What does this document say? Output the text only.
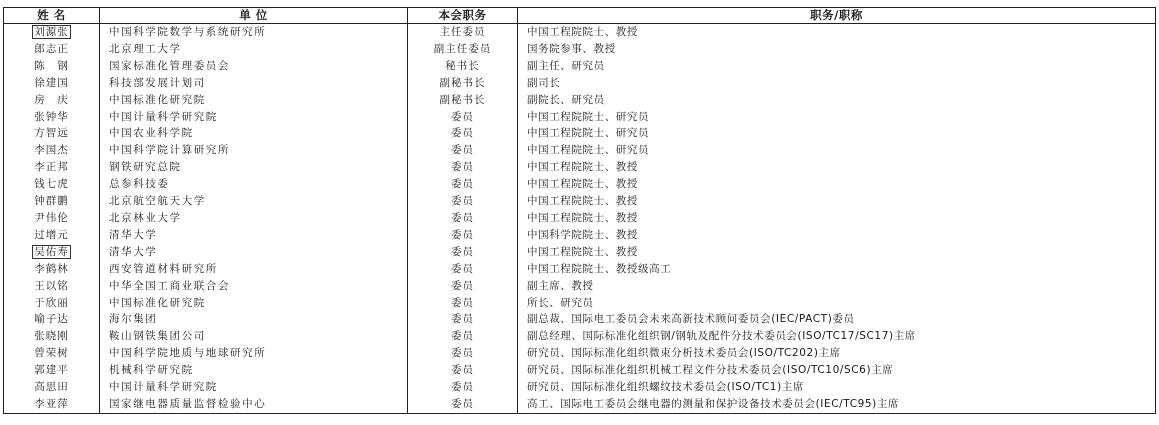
姓 名	单 位	本会职务	职务/职称
刘源张	中国科学院数学与系统研究所	主任委员	中国工程院院士、教授
郎志正	北京理工大学	副主任委员	国务院参事、教授
陈　钢	国家标准化管理委员会	秘书长	副主任、研究员
徐建国	科技部发展计划司	副秘书长	副司长
房　庆	中国标准化研究院	副秘书长	副院长、研究员
张钟华	中国计量科学研究院	委员	中国工程院院士、研究员
方智远	中国农业科学院	委员	中国工程院院士、研究员
李国杰	中国科学院计算研究所	委员	中国工程院院士、研究员
李正邦	钢铁研究总院	委员	中国工程院院士、教授
钱七虎	总参科技委	委员	中国工程院院士、教授
钟群鹏	北京航空航天大学	委员	中国工程院院士、教授
尹伟伦	北京林业大学	委员	中国工程院院士、教授
过增元	清华大学	委员	中国科学院院士、教授
吴佑寿	清华大学	委员	中国工程院院士、教授
李鹤林	西安管道材料研究所	委员	中国工程院院士、教授级高工
王以铭	中华全国工商业联合会	委员	副主席、教授
于欣丽	中国标准化研究院	委员	所长、研究员
喻子达	海尔集团	委员	副总裁、国际电工委员会未来高新技术顾问委员会(IEC/PACT)委员
张晓刚	鞍山钢铁集团公司	委员	副总经理、国际标准化组织钢/钢轨及配件分技术委员会(ISO/TC17/SC17)主席
曾荣树	中国科学院地质与地球研究所	委员	研究员、国际标准化组织微束分析技术委员会(ISO/TC202)主席
郭建平	机械科学研究院	委员	研究员、国际标准化组织机械工程文件分技术委员会(ISO/TC10/SC6)主席
高思田	中国计量科学研究院	委员	研究员、国际标准化组织螺纹技术委员会(ISO/TC1)主席
李亚萍	国家继电器质量监督检验中心	委员	高工、国际电工委员会继电器的测量和保护设备技术委员会(IEC/TC95)主席
